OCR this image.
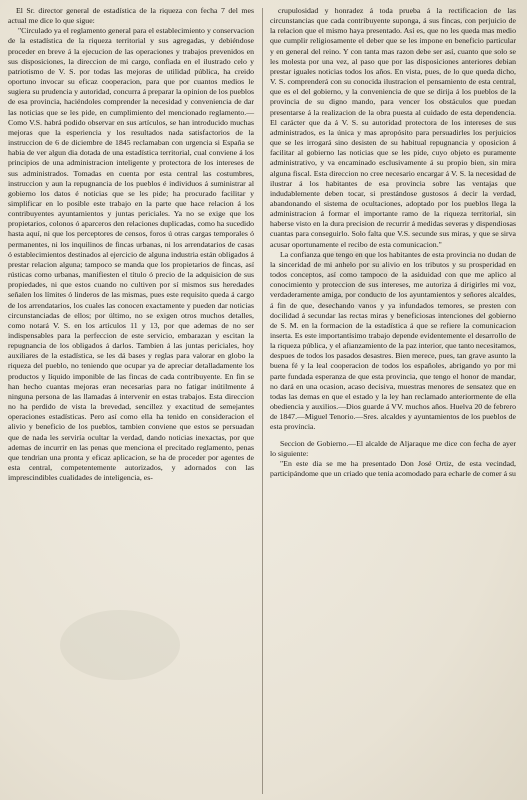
El Sr. director general de estadística de la riqueza con fecha 7 del mes actual me dice lo que sigue:

"Circulado ya el reglamento general para el establecimiento y conservacion de la estadística de la riqueza territorial y sus agregadas, y debiéndose proceder en breve á la ejecucion de las operaciones y trabajos prevenidos en sus disposiciones, la direccion de mi cargo, confiada en el ilustrado celo y patriotismo de V. S. por todas las mejoras de utilidad pública, ha creido oportuno invocar su eficaz cooperacion, para que por cuantos medios le sugiera su prudencia y autoridad, concurra á preparar la opinion de los pueblos de esa provincia, haciéndoles comprender la necesidad y conveniencia de dar las noticias que se les pide, en cumplimiento del mencionado reglamento.—Como V.S. habrá podido observar en sus artículos, se han introducido muchas mejoras que la esperiencia y los resultados nada satisfactorios de la instruccion de 6 de diciembre de 1845 reclamaban con urgencia si España se habia de ver algun dia dotada de una estadística territorial, cual conviene á los principios de una administracion inteligente y protectora de los intereses de sus administrados. Tomadas en cuenta por esta central las costumbres, instruccion y aun la repugnancia de los pueblos é individuos á suministrar al gobierno los datos é noticias que se les pide; ha procurado facilitar y simplificar en lo posible este trabajo en la parte que hace relacion á los contribuyentes ayuntamientos y juntas periciales. Ya no se exige que los propietarios, colonos ó aparceros den relaciones duplicadas, como ha sucedido hasta aquí, ni que los perceptores de censos, foros ú otras cargas temporales ó permanentes, ni los inquilinos de fincas urbanas, ni los arrendatarios de casas ó establecimientos destinados al ejercicio de alguna industria están obligados á prestar relacion alguna; tampoco se manda que los propietarios de fincas, así rústicas como urbanas, manifiesten el título ó precio de la adquisicion de sus propiedades, ni que estos cuando no cultiven por sí mismos sus heredades señalen los límites ó linderos de las mismas, pues este requisito queda á cargo de los arrendatarios, los cuales las conocen exactamente y pueden dar noticias circunstanciadas de ellos; por último, no se exigen otros muchos detalles, como notará V. S. en los artículos 11 y 13, por que ademas de no ser indispensables para la perfeccion de este servicio, embarazan y escitan la repugnancia de los obligados á darlos. Tambien á las juntas periciales, hoy auxiliares de la estadística, se les dá bases y reglas para valorar en globo la riqueza del pueblo, no teniendo que ocupar ya de apreciar detalladamente los productos y líquido imponible de las fincas de cada contribuyente. En fin se han hecho cuantas mejoras eran necesarias para no fatigar inútilmente á ninguna persona de las llamadas á intervenir en estas trabajos. Esta direccion no ha perdido de vista la brevedad, sencillez y exactitud de semejantes operaciones estadísticas. Pero así como ella ha tenido en consideracion el alivio y beneficio de los pueblos, tambien conviene que estos se persuadan que de nada les serviría ocultar la verdad, dando noticias inexactas, por que ademas de incurrir en las penas que menciona el precitado reglamento, penas que tendrian una pronta y eficaz aplicacion, se ha de proceder por agentes de esta central, competentemente autorizados, y adornados con las imprescindibles cualidades de inteligencia, es-

crupulosidad y honradez á toda prueba á la rectificacion de las circunstancias que cada contribuyente suponga, á sus fincas, con perjuicio de la relacion que el mismo haya presentado. Así es, que no les queda mas medio que cumplir religiosamente el deber que se les impone en beneficio particular y en general del reino. Y con tanta mas razon debe ser así, cuanto que solo se les molesta por una vez, al paso que por las disposiciones anteriores debian prestar iguales noticias todos los años. En vista, pues, de lo que queda dicho, V. S. comprenderá con su conocida ilustracion el pensamiento de esta central, que es el del gobierno, y la conveniencia de que se dirija á los pueblos de la provincia de su digno mando, para vencer los obstáculos que puedan presentarse á la realizacion de la obra puesta al cuidado de esta dependencia. El carácter que da á V. S. su autoridad protectora de los intereses de sus administrados, es la única y mas apropósito para persuadirles los perjuicios que se les irrogará sino desisten de su habitual repugnancia y oposicion á facilitar al gobierno las noticias que se les pide, cuyo objeto es puramente administrativo, y va encaminado esclusivamente á su propio bien, sin mira alguna fiscal. Esta direccion no cree necesario encargar á V. S. la necesidad de ilustrar á los habitantes de esa provincia sobre las ventajas que indudablemente deben tocar, si prestándose gustosos á decir la verdad, abandonando el sistema de ocultaciones, adoptado por los pueblos llega la administracion á formar el importante ramo de la riqueza territorial, sin haberse visto en la dura precision de recurrir á medidas severas y dispendiosas cuantas para conseguirlo. Solo falta que V.S. secunde sus miras, y que se sirva acusar oportunamente el recibo de esta comunicacion."

La confianza que tengo en que los habitantes de esta provincia no dudan de la sinceridad de mi anhelo por su alivio en los tributos y su prosperidad en todos conceptos, así como tampoco de la asiduidad con que me aplico al conocimiento y proteccion de sus intereses, me autoriza á dirigirles mi voz, verdaderamente amiga, por conducto de los ayuntamientos y señores alcaldes, á fin de que, desechando vanos y ya infundados temores, se presten con docilidad á secundar las rectas miras y beneficiosas intenciones del gobierno de S. M. en la formacion de la estadística á que se refiere la comunicacion inserta. Es este importantísimo trabajo depende evidentemente el desarrollo de la riqueza pública, y el afianzamiento de la paz interior, que tanto necesitamos, despues de todos los pasados desastres. Bien merece, pues, tan grave asunto la buena fé y la leal cooperacion de todos los españoles, abrigando yo por mi parte fundada esperanza de que esta provincia, que tengo el honor de mandar, no dará en una ocasion, acaso decisiva, muestras menores de sensatez que en todas las demas en que el estado y la ley han reclamado anteriormente de ella obediencia y auxilios.—Dios guarde á VV. muchos años. Huelva 20 de febrero de 1847.—Miguel Tenorio.—Sres. alcaldes y ayuntamientos de los pueblos de esta provincia.

Seccion de Gobierno.—El alcalde de Aljaraque me dice con fecha de ayer lo siguiente:

"En este dia se me ha presentado Don José Ortiz, de esta vecindad, participándome que un criado que tenia acomodado para echarle de comer á su
